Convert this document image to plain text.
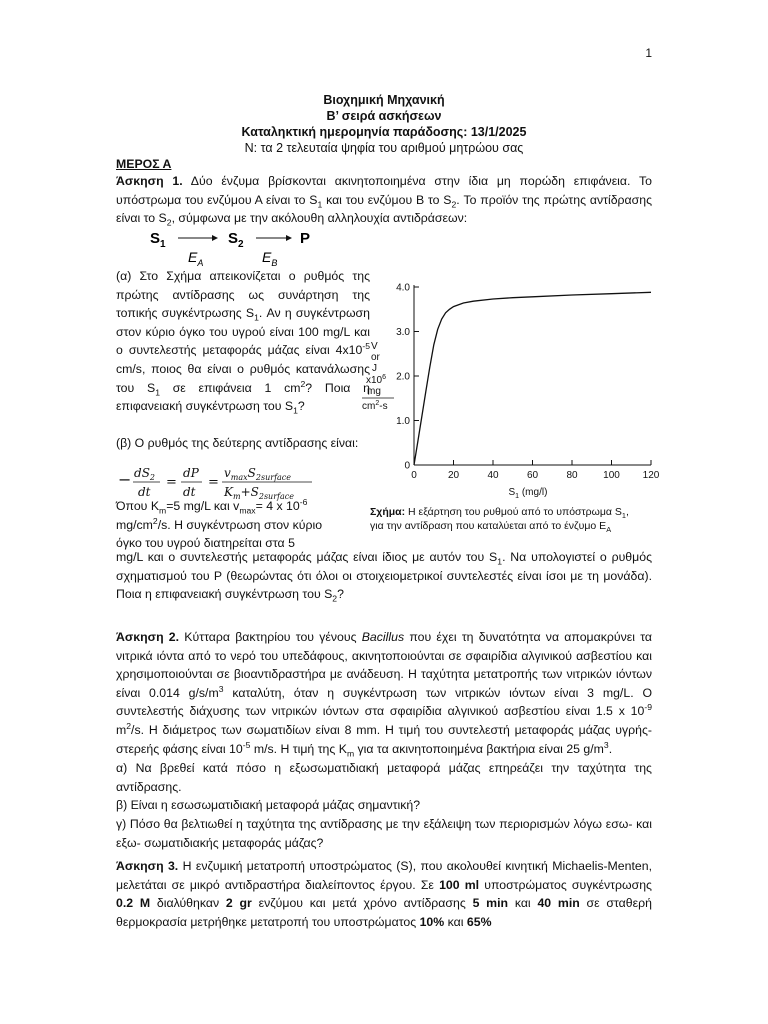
1
Βιοχημική Μηχανική
Β’ σειρά ασκήσεων
Καταληκτική ημερομηνία παράδοσης: 13/1/2025
Ν: τα 2 τελευταία ψηφία του αριθμού μητρώου σας
ΜΕΡΟΣ Α
Άσκηση 1. Δύο ένζυμα βρίσκονται ακινητοποιημένα στην ίδια μη πορώδη επιφάνεια. Το υπόστρωμα του ενζύμου Α είναι το $S_1$ και του ενζύμου Β το $S_2$. Το προϊόν της πρώτης αντίδρασης είναι το $S_2$, σύμφωνα με την ακόλουθη αλληλουχία αντιδράσεων:
$S_1$	$S_2$	P
$E_A$	$E_B$
(α) Στο Σχήμα απεικονίζεται ο ρυθμός της πρώτης αντίδρασης ως συνάρτηση της τοπικής συγκέντρωσης $S_1$. Αν η συγκέντρωση στον κύριο όγκο του υγρού είναι 100 mg/L και ο συντελεστής μεταφοράς μάζας είναι $4x10^{-5}$ cm/s, ποιος θα είναι ο ρυθμός κατανάλωσης του $S_1$ σε επιφάνεια 1 $cm^2$? Ποια η επιφανειακή συγκέντρωση του $S_1$?
(β) Ο ρυθμός της δεύτερης αντίδρασης είναι:
− $dS_2$
dt
=
dP
dt
=
$v_{max}S_{2surface}$
$K_m+S_{2surface}$
Όπου $K_m=5$ mg/L και $v_{max}= 4$ x $10^{-6}$
$mg/cm^2/s$. Η συγκέντρωση στον κύριο
όγκο του υγρού διατηρείται στα 5
mg/L και ο συντελεστής μεταφοράς μάζας είναι ίδιος με αυτόν του $S_1$. Να υπολογιστεί ο ρυθμός σχηματισμού του P (θεωρώντας ότι όλοι οι στοιχειομετρικοί συντελεστές είναι ίσοι με τη μονάδα). Ποια η επιφανειακή συγκέντρωση του $S_2$?
V
or
J
$x10^6$
mg
$cm^2-s$
0
1.0
2.0
3.0
4.0
0	20	40	60	80	100 120
$S_1$ (mg/l)
Σχήμα: Η εξάρτηση του ρυθμού από το υπόστρωμα $S_1$,
για την αντίδραση που καταλύεται από το ένζυμο $E_A$
Άσκηση 2. Κύτταρα βακτηρίου του γένους Bacillus που έχει τη δυνατότητα να απομακρύνει τα νιτρικά ιόντα από το νερό του υπεδάφους, ακινητοποιούνται σε σφαιρίδια αλγινικού ασβεστίου και χρησιμοποιούνται σε βιοαντιδραστήρα με ανάδευση. Η ταχύτητα μετατροπής των νιτρικών ιόντων είναι 0.014 $g/s/m^3$ καταλύτη, όταν η συγκέντρωση των νιτρικών ιόντων είναι 3 mg/L. Ο συντελεστής διάχυσης των νιτρικών ιόντων στα σφαιρίδια αλγινικού ασβεστίου είναι 1.5 x $10^{-9}$ $m^2/s$. Η διάμετρος των σωματιδίων είναι 8 mm. Η τιμή του συντελεστή μεταφοράς μάζας υγρής-στερεής φάσης είναι $10^{-5}$ m/s. Η τιμή της $K_m$ για τα ακινητοποιημένα βακτήρια είναι 25 $g/m^3$.
α) Να βρεθεί κατά πόσο η εξωσωματιδιακή μεταφορά μάζας επηρεάζει την ταχύτητα της αντίδρασης.
β) Είναι η εσωσωματιδιακή μεταφορά μάζας σημαντική?
γ) Πόσο θα βελτιωθεί η ταχύτητα της αντίδρασης με την εξάλειψη των περιορισμών λόγω εσω- και εξω- σωματιδιακής μεταφοράς μάζας?
Άσκηση 3. Η ενζυμική μετατροπή υποστρώματος (S), που ακολουθεί κινητική Michaelis-Menten, μελετάται σε μικρό αντιδραστήρα διαλείποντος έργου. Σε 100 ml υποστρώματος συγκέντρωσης 0.2 M διαλύθηκαν 2 gr ενζύμου και μετά χρόνο αντίδρασης 5 min και 40 min σε σταθερή θερμοκρασία μετρήθηκε μετατροπή του υποστρώματος 10% και 65%
